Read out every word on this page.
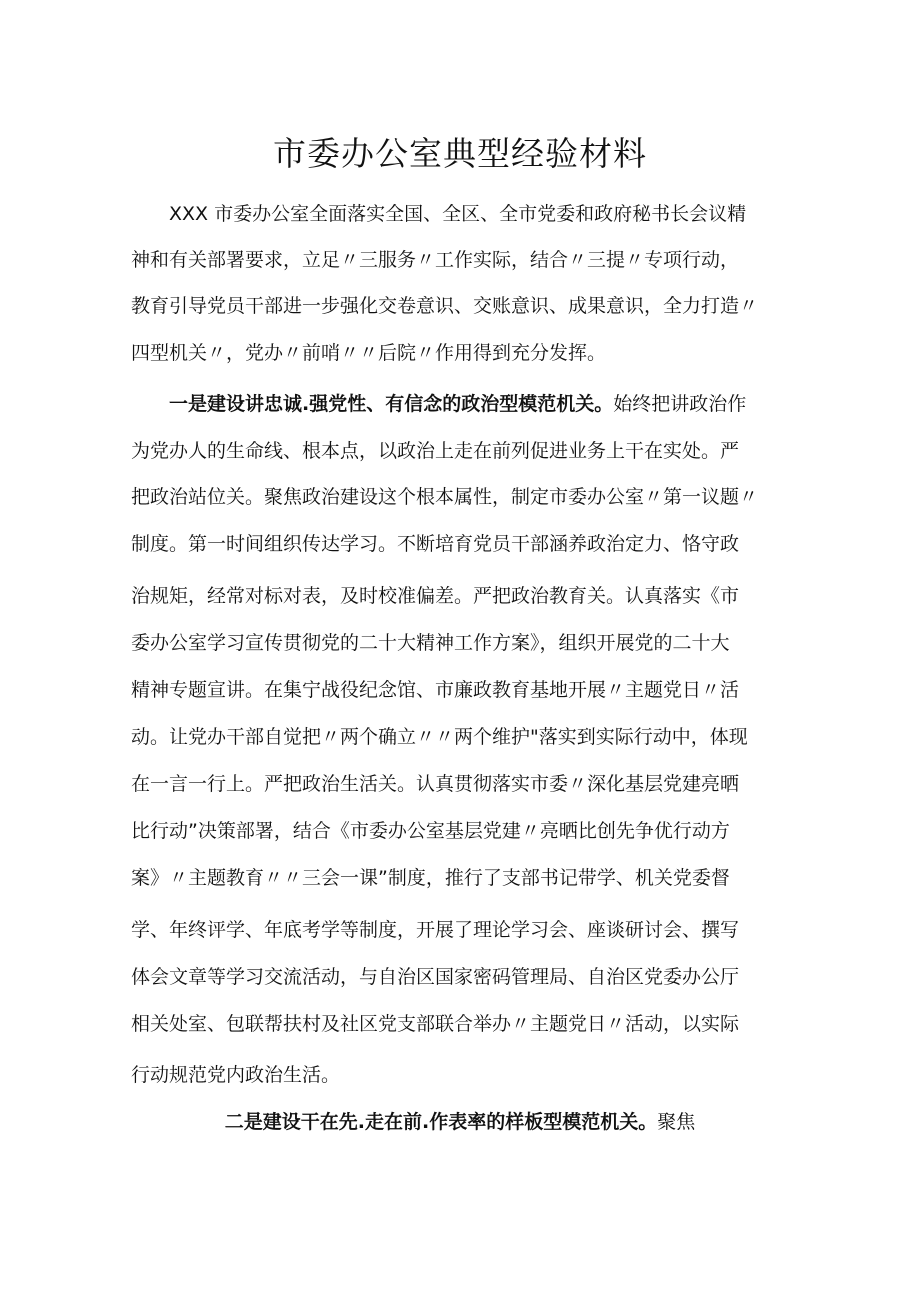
市委办公室典型经验材料
XXX 市委办公室全面落实全国、全区、全市党委和政府秘书长会议精
神和有关部署要求，立足〃三服务〃工作实际，结合〃三提〃专项行动，
教育引导党员干部进一步强化交卷意识、交账意识、成果意识，全力打造〃
四型机关〃，党办〃前哨〃〃后院〃作用得到充分发挥。
一是建设讲忠诚.强党性、有信念的政治型模范机关。始终把讲政治作
为党办人的生命线、根本点，以政治上走在前列促进业务上干在实处。严
把政治站位关。聚焦政治建设这个根本属性，制定市委办公室〃第一议题〃
制度。第一时间组织传达学习。不断培育党员干部涵养政治定力、恪守政
治规矩，经常对标对表，及时校准偏差。严把政治教育关。认真落实《市
委办公室学习宣传贯彻党的二十大精神工作方案》，组织开展党的二十大
精神专题宣讲。在集宁战役纪念馆、市廉政教育基地开展〃主题党日〃活
动。让党办干部自觉把〃两个确立〃〃两个维护"落实到实际行动中，体现
在一言一行上。严把政治生活关。认真贯彻落实市委〃深化基层党建亮晒
比行动”决策部署，结合《市委办公室基层党建〃亮晒比创先争优行动方
案》〃主题教育〃〃三会一课”制度，推行了支部书记带学、机关党委督
学、年终评学、年底考学等制度，开展了理论学习会、座谈研讨会、撰写
体会文章等学习交流活动，与自治区国家密码管理局、自治区党委办公厅
相关处室、包联帮扶村及社区党支部联合举办〃主题党日〃活动，以实际
行动规范党内政治生活。
二是建设干在先.走在前.作表率的样板型模范机关。聚焦
